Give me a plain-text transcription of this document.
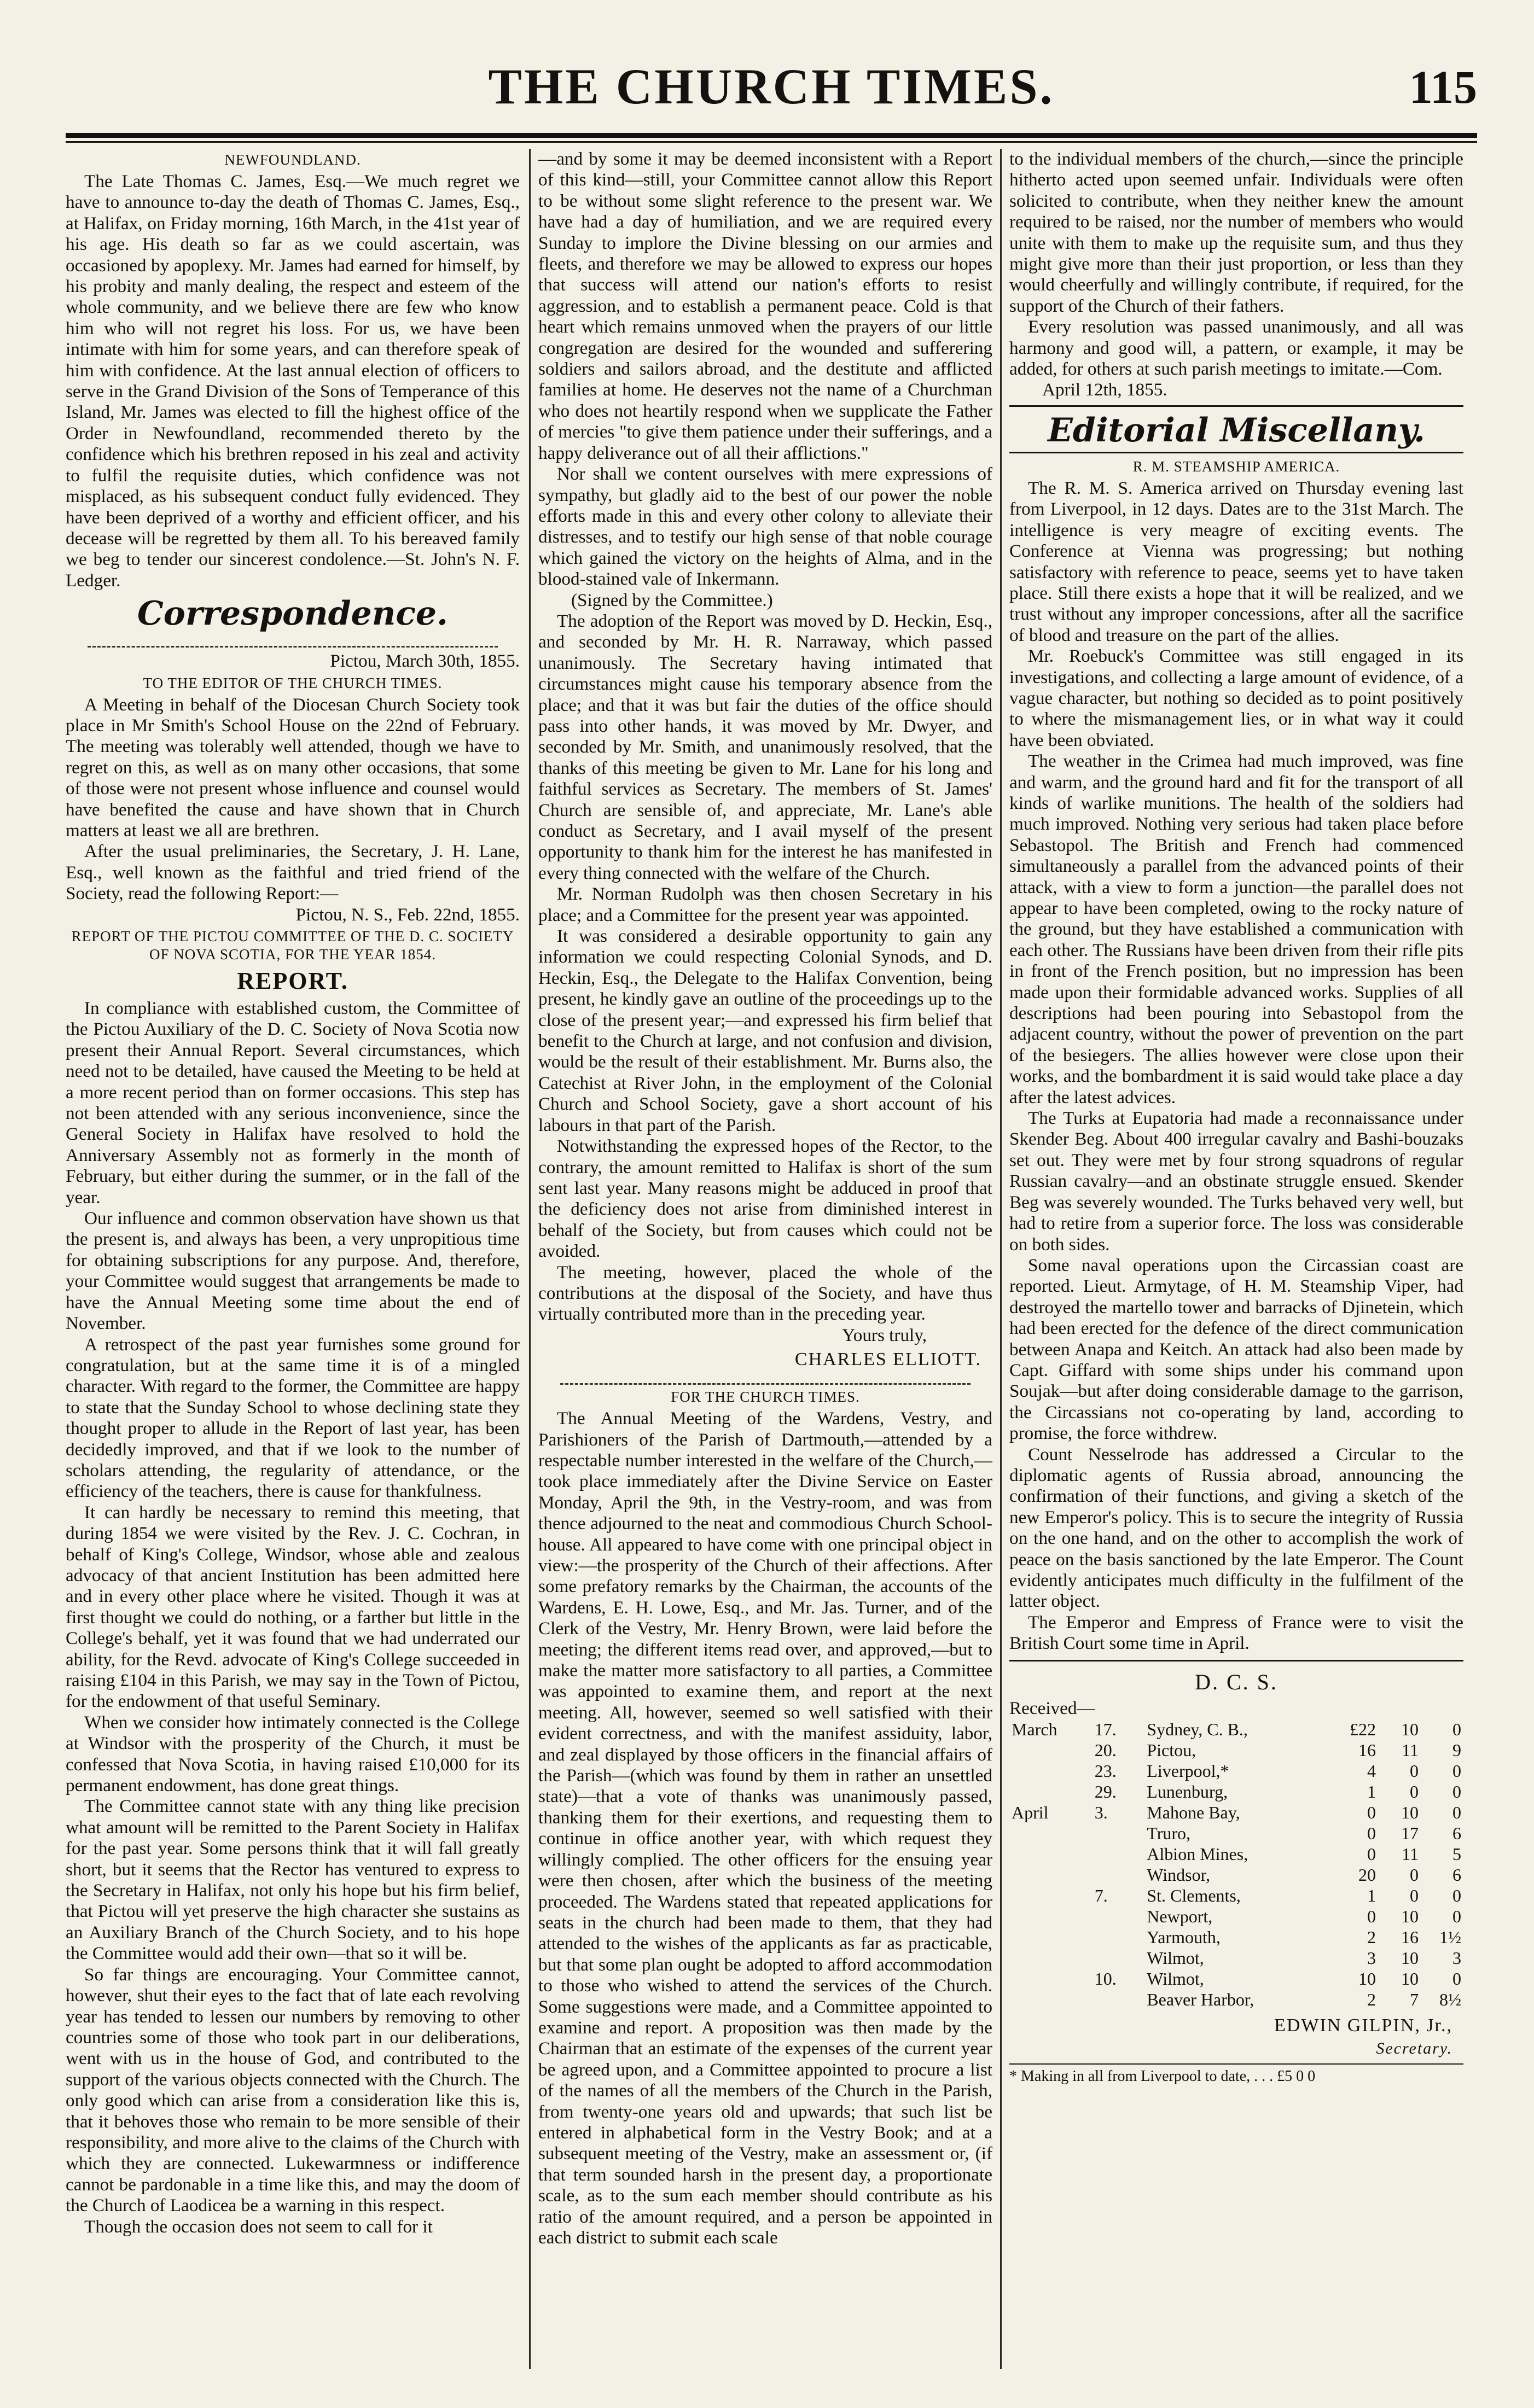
THE CHURCH TIMES.	115
NEWFOUNDLAND.

The Late Thomas C. James, Esq.—We much regret we have to announce to-day the death of Thomas C. James, Esq., at Halifax, on Friday morning, 16th March, in the 41st year of his age. His death so far as we could ascertain, was occasioned by apoplexy. Mr. James had earned for himself, by his probity and manly dealing, the respect and esteem of the whole community, and we believe there are few who know him who will not regret his loss. For us, we have been intimate with him for some years, and can therefore speak of him with confidence. At the last annual election of officers to serve in the Grand Division of the Sons of Temperance of this Island, Mr. James was elected to fill the highest office of the Order in Newfoundland, recommended thereto by the confidence which his brethren reposed in his zeal and activity to fulfil the requisite duties, which confidence was not misplaced, as his subsequent conduct fully evidenced. They have been deprived of a worthy and efficient officer, and his decease will be regretted by them all. To his bereaved family we beg to tender our sincerest condolence.—St. John's N. F. Ledger.

Correspondence.

Pictou, March 30th, 1855.

TO THE EDITOR OF THE CHURCH TIMES.

A Meeting in behalf of the Diocesan Church Society took place in Mr Smith's School House on the 22nd of February. The meeting was tolerably well attended, though we have to regret on this, as well as on many other occasions, that some of those were not present whose influence and counsel would have benefited the cause and have shown that in Church matters at least we all are brethren.

After the usual preliminaries, the Secretary, J. H. Lane, Esq., well known as the faithful and tried friend of the Society, read the following Report:—

Pictou, N. S., Feb. 22nd, 1855.

REPORT OF THE PICTOU COMMITTEE OF THE D. C. SOCIETY OF NOVA SCOTIA, FOR THE YEAR 1854.
REPORT.

In compliance with established custom, the Committee of the Pictou Auxiliary of the D. C. Society of Nova Scotia now present their Annual Report. Several circumstances, which need not to be detailed, have caused the Meeting to be held at a more recent period than on former occasions. This step has not been attended with any serious inconvenience, since the General Society in Halifax have resolved to hold the Anniversary Assembly not as formerly in the month of February, but either during the summer, or in the fall of the year.

Our influence and common observation have shown us that the present is, and always has been, a very unpropitious time for obtaining subscriptions for any purpose. And, therefore, your Committee would suggest that arrangements be made to have the Annual Meeting some time about the end of November.

A retrospect of the past year furnishes some ground for congratulation, but at the same time it is of a mingled character. With regard to the former, the Committee are happy to state that the Sunday School to whose declining state they thought proper to allude in the Report of last year, has been decidedly improved, and that if we look to the number of scholars attending, the regularity of attendance, or the efficiency of the teachers, there is cause for thankfulness.

It can hardly be necessary to remind this meeting, that during 1854 we were visited by the Rev. J. C. Cochran, in behalf of King's College, Windsor, whose able and zealous advocacy of that ancient Institution has been admitted here and in every other place where he visited. Though it was at first thought we could do nothing, or a farther but little in the College's behalf, yet it was found that we had underrated our ability, for the Revd. advocate of King's College succeeded in raising £104 in this Parish, we may say in the Town of Pictou, for the endowment of that useful Seminary.

When we consider how intimately connected is the College at Windsor with the prosperity of the Church, it must be confessed that Nova Scotia, in having raised £10,000 for its permanent endowment, has done great things.

The Committee cannot state with any thing like precision what amount will be remitted to the Parent Society in Halifax for the past year. Some persons think that it will fall greatly short, but it seems that the Rector has ventured to express to the Secretary in Halifax, not only his hope but his firm belief, that Pictou will yet preserve the high character she sustains as an Auxiliary Branch of the Church Society, and to his hope the Committee would add their own—that so it will be.

So far things are encouraging. Your Committee cannot, however, shut their eyes to the fact that of late each revolving year has tended to lessen our numbers by removing to other countries some of those who took part in our deliberations, went with us in the house of God, and contributed to the support of the various objects connected with the Church. The only good which can arise from a consideration like this is, that it behoves those who remain to be more sensible of their responsibility, and more alive to the claims of the Church with which they are connected. Lukewarmness or indifference cannot be pardonable in a time like this, and may the doom of the Church of Laodicea be a warning in this respect.

Though the occasion does not seem to call for it

—and by some it may be deemed inconsistent with a Report of this kind—still, your Committee cannot allow this Report to be without some slight reference to the present war. We have had a day of humiliation, and we are required every Sunday to implore the Divine blessing on our armies and fleets, and therefore we may be allowed to express our hopes that success will attend our nation's efforts to resist aggression, and to establish a permanent peace. Cold is that heart which remains unmoved when the prayers of our little congregation are desired for the wounded and sufferering soldiers and sailors abroad, and the destitute and afflicted families at home. He deserves not the name of a Churchman who does not heartily respond when we supplicate the Father of mercies "to give them patience under their sufferings, and a happy deliverance out of all their afflictions."

Nor shall we content ourselves with mere expressions of sympathy, but gladly aid to the best of our power the noble efforts made in this and every other colony to alleviate their distresses, and to testify our high sense of that noble courage which gained the victory on the heights of Alma, and in the blood-stained vale of Inkermann.

(Signed by the Committee.)

The adoption of the Report was moved by D. Heckin, Esq., and seconded by Mr. H. R. Narraway, which passed unanimously. The Secretary having intimated that circumstances might cause his temporary absence from the place; and that it was but fair the duties of the office should pass into other hands, it was moved by Mr. Dwyer, and seconded by Mr. Smith, and unanimously resolved, that the thanks of this meeting be given to Mr. Lane for his long and faithful services as Secretary. The members of St. James' Church are sensible of, and appreciate, Mr. Lane's able conduct as Secretary, and I avail myself of the present opportunity to thank him for the interest he has manifested in every thing connected with the welfare of the Church.

Mr. Norman Rudolph was then chosen Secretary in his place; and a Committee for the present year was appointed.

It was considered a desirable opportunity to gain any information we could respecting Colonial Synods, and D. Heckin, Esq., the Delegate to the Halifax Convention, being present, he kindly gave an outline of the proceedings up to the close of the present year;—and expressed his firm belief that benefit to the Church at large, and not confusion and division, would be the result of their establishment. Mr. Burns also, the Catechist at River John, in the employment of the Colonial Church and School Society, gave a short account of his labours in that part of the Parish.

Notwithstanding the expressed hopes of the Rector, to the contrary, the amount remitted to Halifax is short of the sum sent last year. Many reasons might be adduced in proof that the deficiency does not arise from diminished interest in behalf of the Society, but from causes which could not be avoided.

The meeting, however, placed the whole of the contributions at the disposal of the Society, and have thus virtually contributed more than in the preceding year.

Yours truly,

CHARLES ELLIOTT.
FOR THE CHURCH TIMES.

The Annual Meeting of the Wardens, Vestry, and Parishioners of the Parish of Dartmouth,—attended by a respectable number interested in the welfare of the Church,—took place immediately after the Divine Service on Easter Monday, April the 9th, in the Vestry-room, and was from thence adjourned to the neat and commodious Church School-house. All appeared to have come with one principal object in view:—the prosperity of the Church of their affections. After some prefatory remarks by the Chairman, the accounts of the Wardens, E. H. Lowe, Esq., and Mr. Jas. Turner, and of the Clerk of the Vestry, Mr. Henry Brown, were laid before the meeting; the different items read over, and approved,—but to make the matter more satisfactory to all parties, a Committee was appointed to examine them, and report at the next meeting. All, however, seemed so well satisfied with their evident correctness, and with the manifest assiduity, labor, and zeal displayed by those officers in the financial affairs of the Parish—(which was found by them in rather an unsettled state)—that a vote of thanks was unanimously passed, thanking them for their exertions, and requesting them to continue in office another year, with which request they willingly complied. The other officers for the ensuing year were then chosen, after which the business of the meeting proceeded. The Wardens stated that repeated applications for seats in the church had been made to them, that they had attended to the wishes of the applicants as far as practicable, but that some plan ought be adopted to afford accommodation to those who wished to attend the services of the Church. Some suggestions were made, and a Committee appointed to examine and report. A proposition was then made by the Chairman that an estimate of the expenses of the current year be agreed upon, and a Committee appointed to procure a list of the names of all the members of the Church in the Parish, from twenty-one years old and upwards; that such list be entered in alphabetical form in the Vestry Book; and at a subsequent meeting of the Vestry, make an assessment or, (if that term sounded harsh in the present day, a proportionate scale, as to the sum each member should contribute as his ratio of the amount required, and a person be appointed in each district to submit each scale

to the individual members of the church,—since the principle hitherto acted upon seemed unfair. Individuals were often solicited to contribute, when they neither knew the amount required to be raised, nor the number of members who would unite with them to make up the requisite sum, and thus they might give more than their just proportion, or less than they would cheerfully and willingly contribute, if required, for the support of the Church of their fathers.

Every resolution was passed unanimously, and all was harmony and good will, a pattern, or example, it may be added, for others at such parish meetings to imitate.—Com.

April 12th, 1855.

Editorial Miscellany.
R. M. STEAMSHIP AMERICA.

The R. M. S. America arrived on Thursday evening last from Liverpool, in 12 days. Dates are to the 31st March. The intelligence is very meagre of exciting events. The Conference at Vienna was progressing; but nothing satisfactory with reference to peace, seems yet to have taken place. Still there exists a hope that it will be realized, and we trust without any improper concessions, after all the sacrifice of blood and treasure on the part of the allies.

Mr. Roebuck's Committee was still engaged in its investigations, and collecting a large amount of evidence, of a vague character, but nothing so decided as to point positively to where the mismanagement lies, or in what way it could have been obviated.

The weather in the Crimea had much improved, was fine and warm, and the ground hard and fit for the transport of all kinds of warlike munitions. The health of the soldiers had much improved. Nothing very serious had taken place before Sebastopol. The British and French had commenced simultaneously a parallel from the advanced points of their attack, with a view to form a junction—the parallel does not appear to have been completed, owing to the rocky nature of the ground, but they have established a communication with each other. The Russians have been driven from their rifle pits in front of the French position, but no impression has been made upon their formidable advanced works. Supplies of all descriptions had been pouring into Sebastopol from the adjacent country, without the power of prevention on the part of the besiegers. The allies however were close upon their works, and the bombardment it is said would take place a day after the latest advices.

The Turks at Eupatoria had made a reconnaissance under Skender Beg. About 400 irregular cavalry and Bashi-bouzaks set out. They were met by four strong squadrons of regular Russian cavalry—and an obstinate struggle ensued. Skender Beg was severely wounded. The Turks behaved very well, but had to retire from a superior force. The loss was considerable on both sides.

Some naval operations upon the Circassian coast are reported. Lieut. Armytage, of H. M. Steamship Viper, had destroyed the martello tower and barracks of Djinetein, which had been erected for the defence of the direct communication between Anapa and Keitch. An attack had also been made by Capt. Giffard with some ships under his command upon Soujak—but after doing considerable damage to the garrison, the Circassians not co-operating by land, according to promise, the force withdrew.

Count Nesselrode has addressed a Circular to the diplomatic agents of Russia abroad, announcing the confirmation of their functions, and giving a sketch of the new Emperor's policy. This is to secure the integrity of Russia on the one hand, and on the other to accomplish the work of peace on the basis sanctioned by the late Emperor. The Count evidently anticipates much difficulty in the fulfilment of the latter object.

The Emperor and Empress of France were to visit the British Court some time in April.

D. C. S.
Received—
March	17.	Sydney, C. B.,	£22	10	0
	20.	Pictou,	16	11	9
	23.	Liverpool,*	4	0	0
	29.	Lunenburg,	1	0	0
April	3.	Mahone Bay,	0	10	0
		Truro,	0	17	6
		Albion Mines,	0	11	5
		Windsor,	20	0	6
	7.	St. Clements,	1	0	0
		Newport,	0	10	0
		Yarmouth,	2	16	1½
		Wilmot,	3	10	3
	10.	Wilmot,	10	10	0
		Beaver Harbor,	2	7	8½
EDWIN GILPIN, Jr.,
Secretary.
* Making in all from Liverpool to date, . . . £5 0 0
